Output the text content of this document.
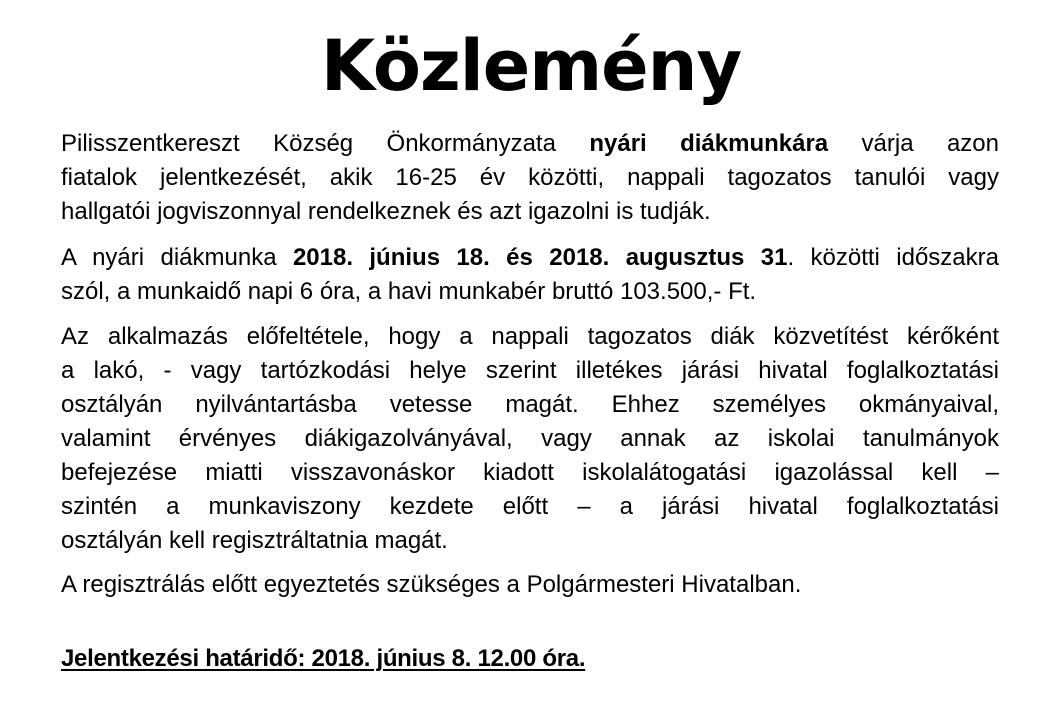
Közlemény
Pilisszentkereszt Község Önkormányzata nyári diákmunkára várja azon
fiatalok jelentkezését, akik 16-25 év közötti, nappali tagozatos tanulói vagy
hallgatói jogviszonnyal rendelkeznek és azt igazolni is tudják.
A nyári diákmunka 2018. június 18. és 2018. augusztus 31. közötti időszakra
szól, a munkaidő napi 6 óra, a havi munkabér bruttó 103.500,- Ft.
Az alkalmazás előfeltétele, hogy a nappali tagozatos diák közvetítést kérőként
a lakó, - vagy tartózkodási helye szerint illetékes járási hivatal foglalkoztatási
osztályán nyilvántartásba vetesse magát. Ehhez személyes okmányaival,
valamint érvényes diákigazolványával, vagy annak az iskolai tanulmányok
befejezése miatti visszavonáskor kiadott iskolalátogatási igazolással kell –
szintén a munkaviszony kezdete előtt – a járási hivatal foglalkoztatási
osztályán kell regisztráltatnia magát.
A regisztrálás előtt egyeztetés szükséges a Polgármesteri Hivatalban.
Jelentkezési határidő: 2018. június 8. 12.00 óra.
